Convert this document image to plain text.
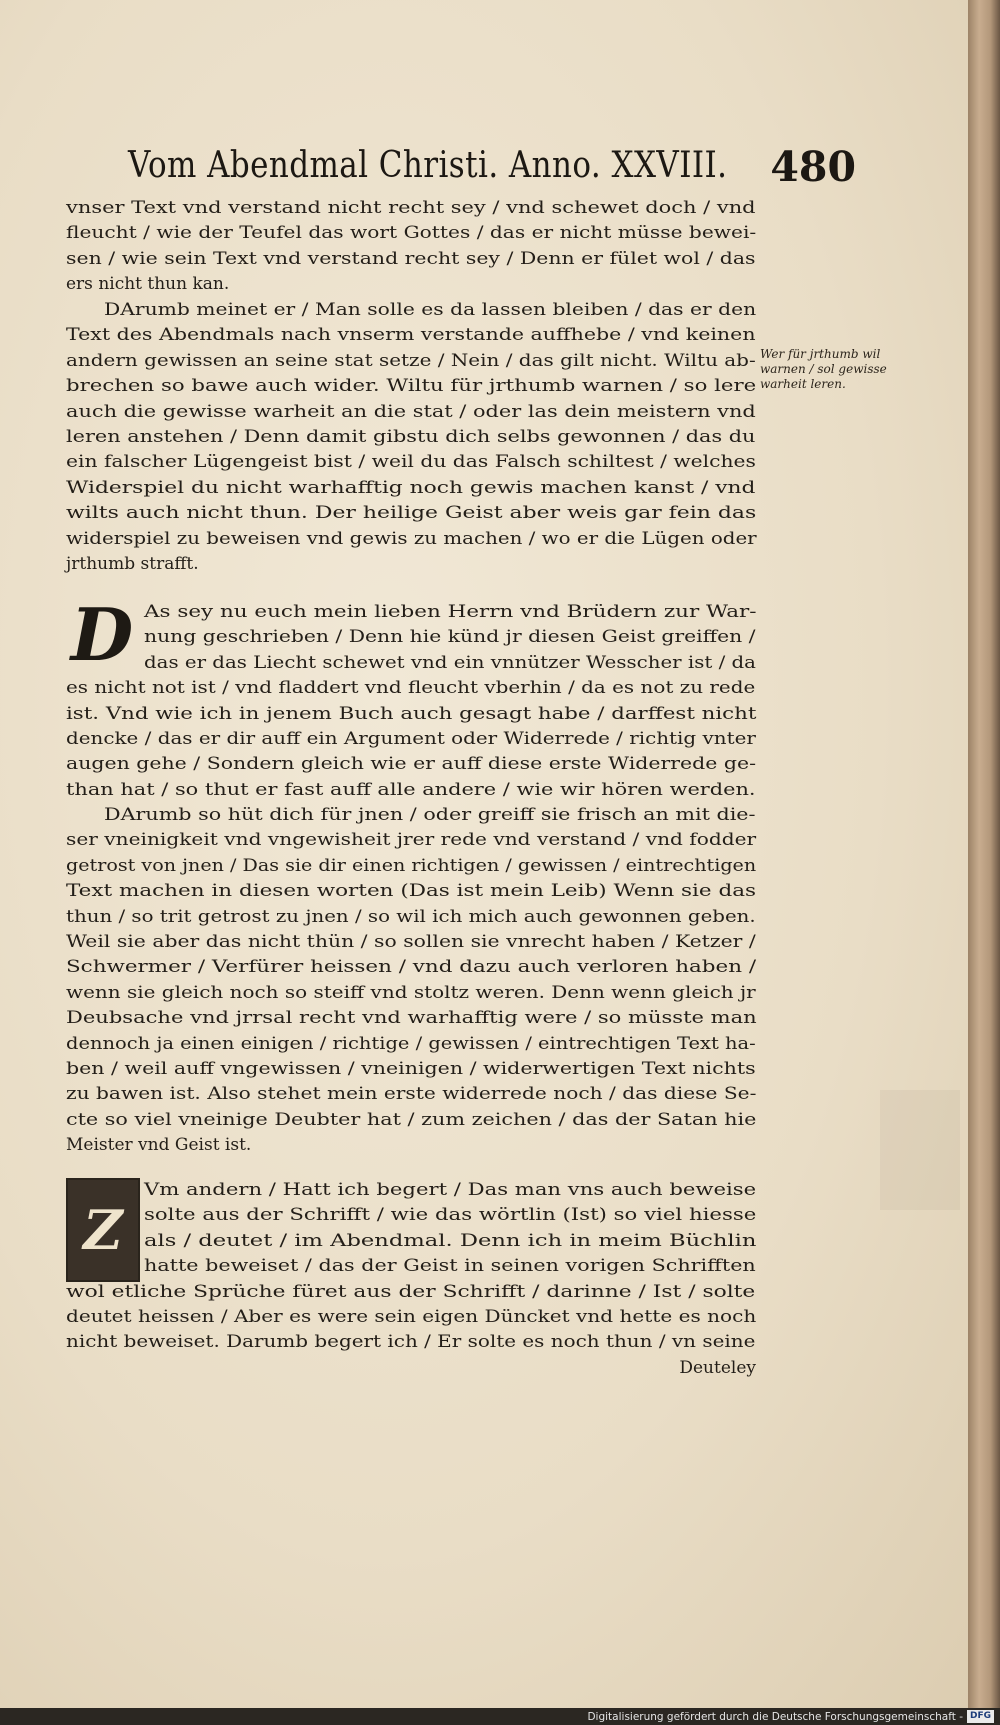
Vom Abendmal Christi. Anno. XXVIII. 480
vnser Text vnd verstand nicht recht sey / vnd schewet doch / vnd
fleucht / wie der Teufel das wort Gottes / das er nicht müsse bewei-
sen / wie sein Text vnd verstand recht sey / Denn er fület wol / das
ers nicht thun kan.
DArumb meinet er / Man solle es da lassen bleiben / das er den
Text des Abendmals nach vnserm verstande auffhebe / vnd keinen
andern gewissen an seine stat setze / Nein / das gilt nicht. Wiltu ab-
brechen so bawe auch wider. Wiltu für jrthumb warnen / so lere
auch die gewisse warheit an die stat / oder las dein meistern vnd
leren anstehen / Denn damit gibstu dich selbs gewonnen / das du
ein falscher Lügengeist bist / weil du das Falsch schiltest / welches
Widerspiel du nicht warhafftig noch gewis machen kanst / vnd
wilts auch nicht thun. Der heilige Geist aber weis gar fein das
widerspiel zu beweisen vnd gewis zu machen / wo er die Lügen oder
jrthumb strafft.
Wer für jrthumb wil warnen / sol gewisse warheit leren.
D As sey nu euch mein lieben Herrn vnd Brüdern zur War-
nung geschrieben / Denn hie künd jr diesen Geist greiffen /
das er das Liecht schewet vnd ein vnnützer Wesscher ist / da
es nicht not ist / vnd fladdert vnd fleucht vberhin / da es not zu rede
ist. Vnd wie ich in jenem Buch auch gesagt habe / darffest nicht
dencke / das er dir auff ein Argument oder Widerrede / richtig vnter
augen gehe / Sondern gleich wie er auff diese erste Widerrede ge-
than hat / so thut er fast auff alle andere / wie wir hören werden.
DArumb so hüt dich für jnen / oder greiff sie frisch an mit die-
ser vneinigkeit vnd vngewisheit jrer rede vnd verstand / vnd fodder
getrost von jnen / Das sie dir einen richtigen / gewissen / eintrechtigen
Text machen in diesen worten (Das ist mein Leib) Wenn sie das
thun / so trit getrost zu jnen / so wil ich mich auch gewonnen geben.
Weil sie aber das nicht thün / so sollen sie vnrecht haben / Ketzer /
Schwermer / Verfürer heissen / vnd dazu auch verloren haben /
wenn sie gleich noch so steiff vnd stoltz weren. Denn wenn gleich jr
Deubsache vnd jrrsal recht vnd warhafftig were / so müsste man
dennoch ja einen einigen / richtige / gewissen / eintrechtigen Text ha-
ben / weil auff vngewissen / vneinigen / widerwertigen Text nichts
zu bawen ist. Also stehet mein erste widerrede noch / das diese Se-
cte so viel vneinige Deubter hat / zum zeichen / das der Satan hie
Meister vnd Geist ist.
Z
Vm andern / Hatt ich begert / Das man vns auch beweise
solte aus der Schrifft / wie das wörtlin (Ist) so viel hiesse
als / deutet / im Abendmal. Denn ich in meim Büchlin
hatte beweiset / das der Geist in seinen vorigen Schrifften
wol etliche Sprüche füret aus der Schrifft / darinne / Ist / solte
deutet heissen / Aber es were sein eigen Düncket vnd hette es noch
nicht beweiset. Darumb begert ich / Er solte es noch thun / vn seine
Deuteley
Digitalisierung gefördert durch die Deutsche Forschungsgemeinschaft - DFG
